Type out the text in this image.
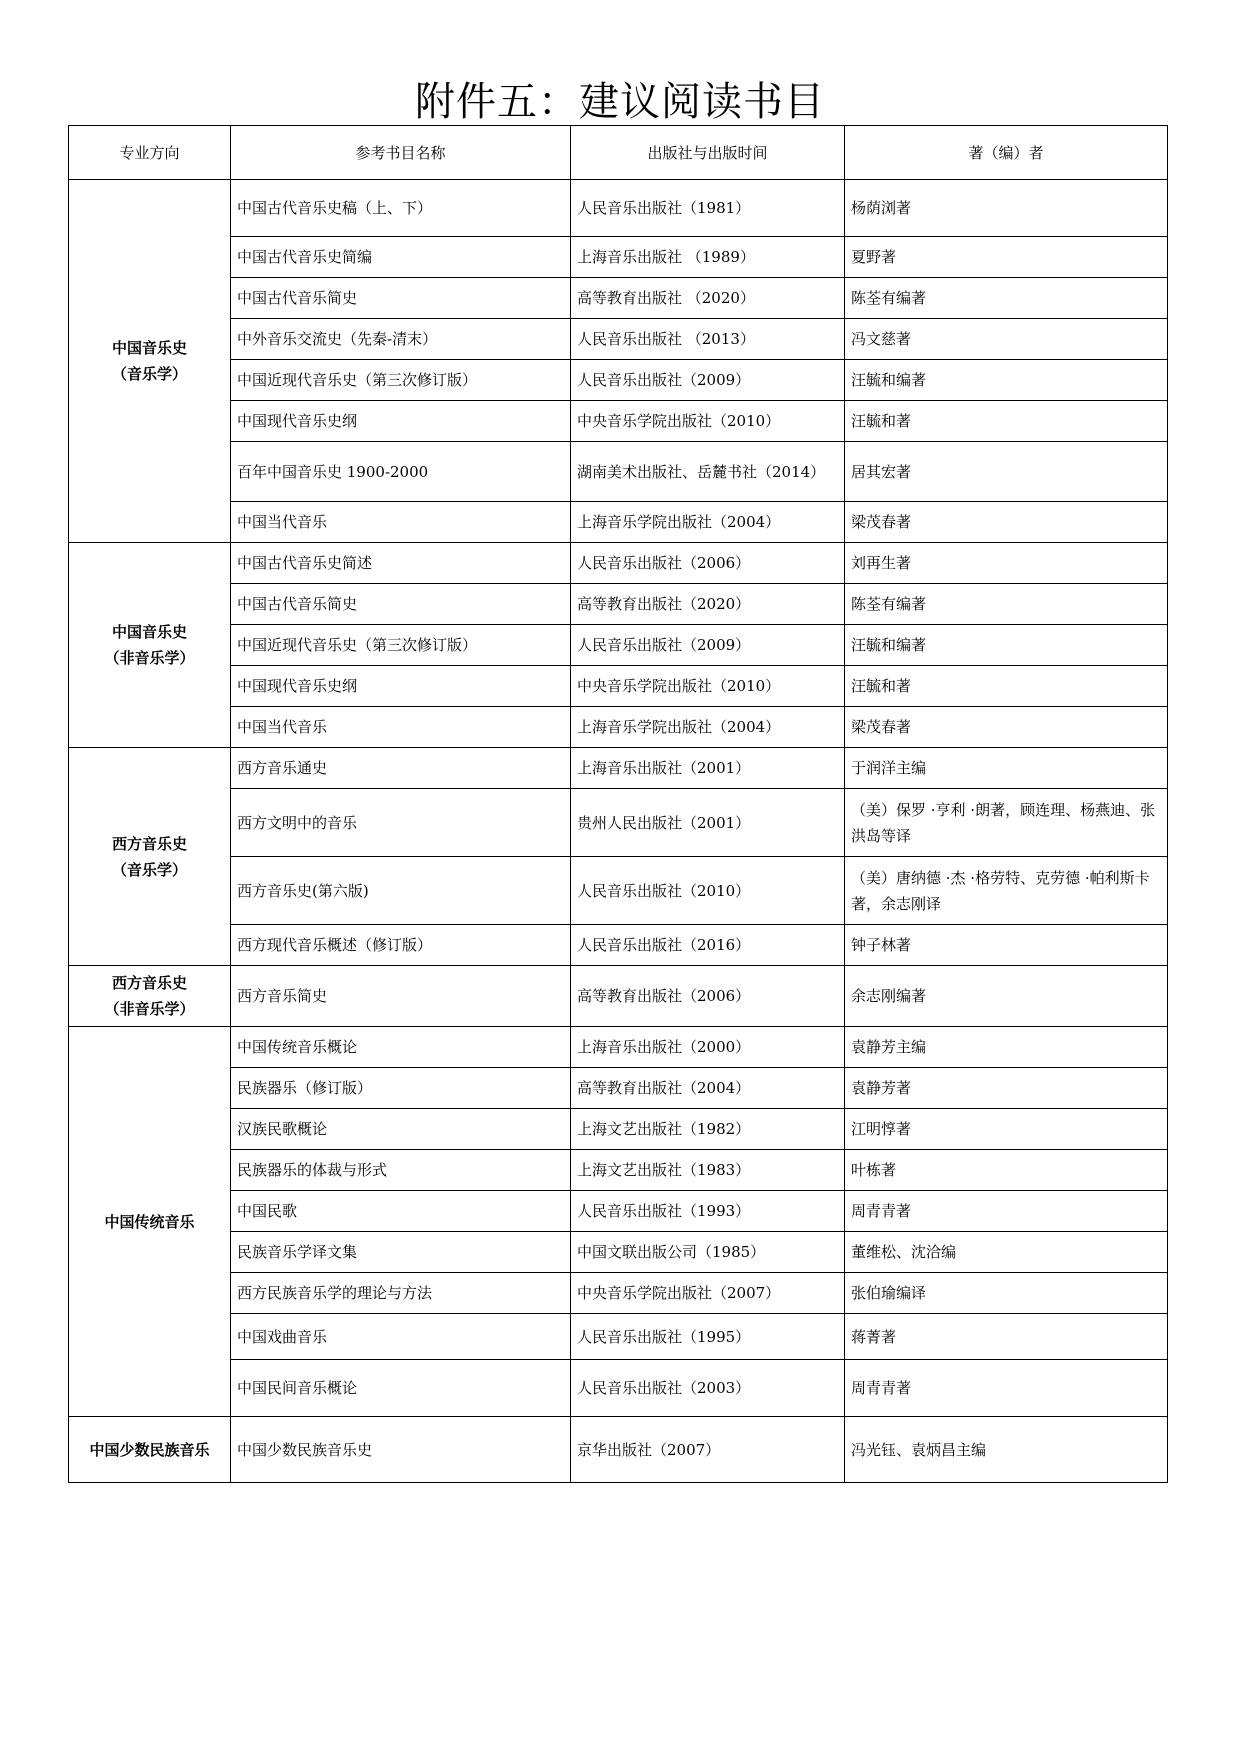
附件五：建议阅读书目
专业方向	参考书目名称	出版社与出版时间	著（编）者

中国音乐史
（音乐学）	中国古代音乐史稿（上、下）	人民音乐出版社（1981）	杨荫浏著
	中国古代音乐史简编	上海音乐出版社 （1989）	夏野著
	中国古代音乐简史	高等教育出版社 （2020）	陈荃有编著
	中外音乐交流史（先秦-清末）	人民音乐出版社 （2013）	冯文慈著
	中国近现代音乐史（第三次修订版）	人民音乐出版社（2009）	汪毓和编著
	中国现代音乐史纲	中央音乐学院出版社（2010）	汪毓和著
	百年中国音乐史 1900-2000	湖南美术出版社、岳麓书社（2014）	居其宏著
	中国当代音乐	上海音乐学院出版社（2004）	梁茂春著

中国音乐史
（非音乐学）	中国古代音乐史简述	人民音乐出版社（2006）	刘再生著
	中国古代音乐简史	高等教育出版社（2020）	陈荃有编著
	中国近现代音乐史（第三次修订版）	人民音乐出版社（2009）	汪毓和编著
	中国现代音乐史纲	中央音乐学院出版社（2010）	汪毓和著
	中国当代音乐	上海音乐学院出版社（2004）	梁茂春著

西方音乐史
（音乐学）	西方音乐通史	上海音乐出版社（2001）	于润洋主编
	西方文明中的音乐	贵州人民出版社（2001）	（美）保罗 ·亨利 ·朗著，顾连理、杨燕迪、张洪岛等译
	西方音乐史(第六版)	人民音乐出版社（2010）	（美）唐纳德 ·杰 ·格劳特、克劳德 ·帕利斯卡著，余志刚译
	西方现代音乐概述（修订版）	人民音乐出版社（2016）	钟子林著

西方音乐史
（非音乐学）	西方音乐简史	高等教育出版社（2006）	余志刚编著

中国传统音乐	中国传统音乐概论	上海音乐出版社（2000）	袁静芳主编
	民族器乐（修订版）	高等教育出版社（2004）	袁静芳著
	汉族民歌概论	上海文艺出版社（1982）	江明惇著
	民族器乐的体裁与形式	上海文艺出版社（1983）	叶栋著
	中国民歌	人民音乐出版社（1993）	周青青著
	民族音乐学译文集	中国文联出版公司（1985）	董维松、沈洽编
	西方民族音乐学的理论与方法	中央音乐学院出版社（2007）	张伯瑜编译
	中国戏曲音乐	人民音乐出版社（1995）	蒋菁著
	中国民间音乐概论	人民音乐出版社（2003）	周青青著

中国少数民族音乐	中国少数民族音乐史	京华出版社（2007）	冯光钰、袁炳昌主编
